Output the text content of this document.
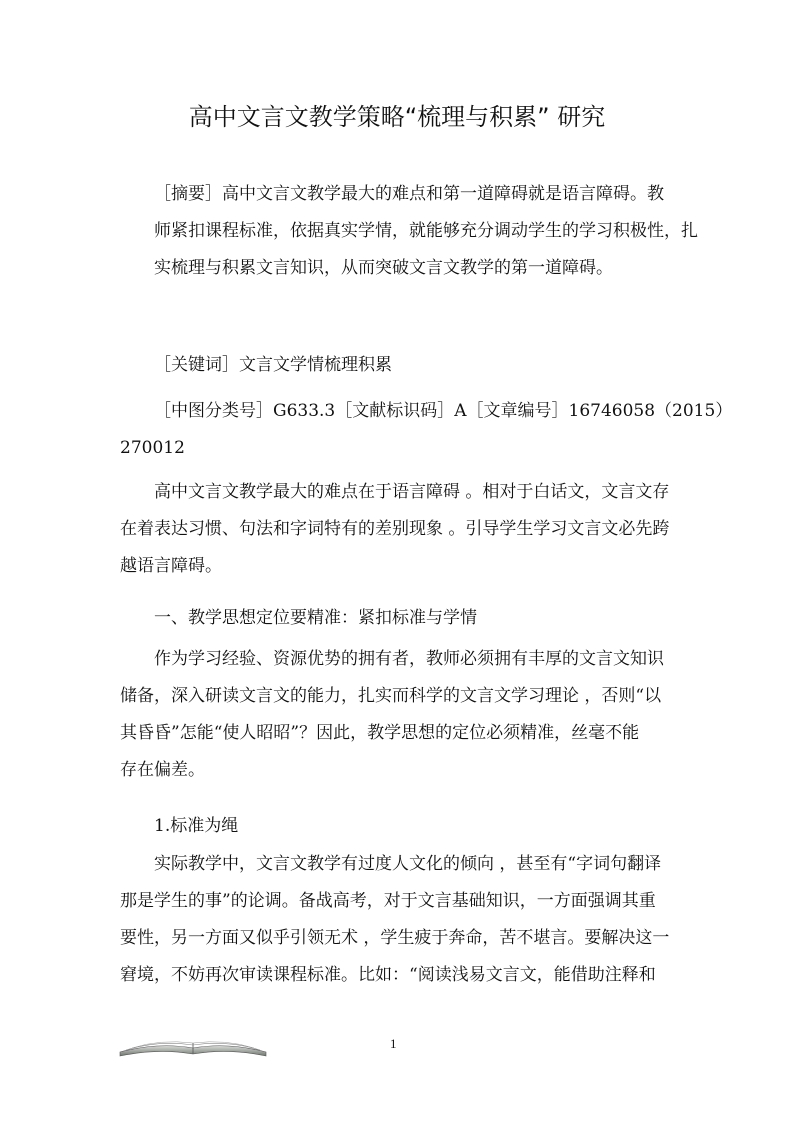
高中文言文教学策略“梳理与积累” 研究

［摘要］高中文言文教学最大的难点和第一道障碍就是语言障碍。教
师紧扣课程标准，依据真实学情，就能够充分调动学生的学习积极性，扎
实梳理与积累文言知识，从而突破文言文教学的第一道障碍。

［关键词］文言文学情梳理积累

［中图分类号］G633.3［文献标识码］A［文章编号］16746058（2015）
270012

高中文言文教学最大的难点在于语言障碍 。相对于白话文，文言文存
在着表达习惯、句法和字词特有的差别现象 。引导学生学习文言文必先跨
越语言障碍。

一、教学思想定位要精准：紧扣标准与学情

作为学习经验、资源优势的拥有者，教师必须拥有丰厚的文言文知识
储备，深入研读文言文的能力，扎实而科学的文言文学习理论 ，否则“以
其昏昏”怎能“使人昭昭”？因此，教学思想的定位必须精准，丝毫不能
存在偏差。

1.标准为绳

实际教学中，文言文教学有过度人文化的倾向 ，甚至有“字词句翻译
那是学生的事”的论调。备战高考，对于文言基础知识，一方面强调其重
要性，另一方面又似乎引领无术 ，学生疲于奔命，苦不堪言。要解决这一
窘境，不妨再次审读课程标准。比如：“阅读浅易文言文，能借助注释和

1
